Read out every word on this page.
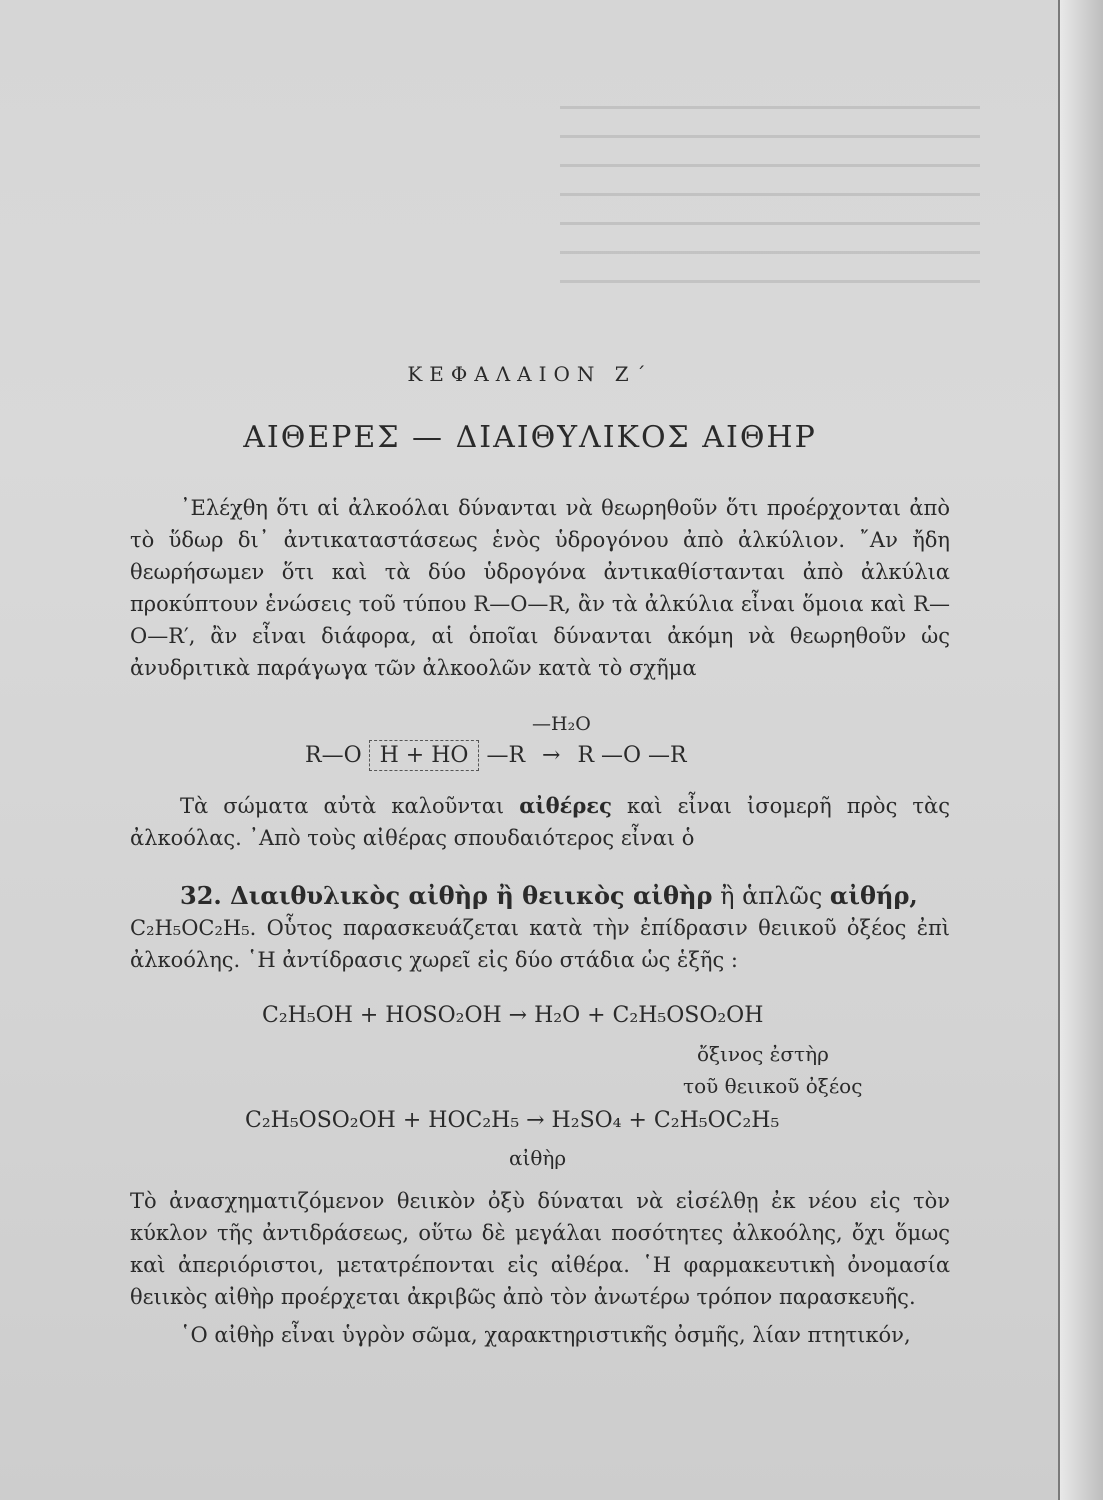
ΚΕΦΑΛΑΙΟΝ Ζ΄
ΑΙΘΕΡΕΣ — ΔΙΑΙΘΥΛΙΚΟΣ ΑΙΘΗΡ

᾿Ελέχθη ὅτι αἱ ἀλκοόλαι δύνανται νὰ θεωρηθοῦν ὅτι προέρχονται ἀπὸ τὸ ὕδωρ δι᾿ ἀντικαταστάσεως ἑνὸς ὑδρογόνου ἀπὸ ἀλκύλιον. ῎Αν ἤδη θεωρήσωμεν ὅτι καὶ τὰ δύο ὑδρογόνα ἀντικαθίστανται ἀπὸ ἀλκύλια προκύπτουν ἑνώσεις τοῦ τύπου R—O—R, ἂν τὰ ἀλκύλια εἶναι ὅμοια καὶ R—O—R′, ἂν εἶναι διάφορα, αἱ ὁποῖαι δύνανται ἀκόμη νὰ θεωρηθοῦν ὡς ἀνυδριτικὰ παράγωγα τῶν ἀλκοολῶν κατὰ τὸ σχῆμα

R—O H + HO —R
—H₂O
→ R —O —R

Τὰ σώματα αὐτὰ καλοῦνται αἰθέρες καὶ εἶναι ἰσομερῆ πρὸς τὰς ἀλκοόλας. ᾿Απὸ τοὺς αἰθέρας σπουδαιότερος εἶναι ὁ

32. Διαιθυλικὸς αἰθὴρ ἢ θειικὸς αἰθὴρ ἢ ἁπλῶς αἰθήρ,

C₂H₅OC₂H₅. Οὗτος παρασκευάζεται κατὰ τὴν ἐπίδρασιν θειικοῦ ὀξέος ἐπὶ ἀλκοόλης. ῾Η ἀντίδρασις χωρεῖ εἰς δύο στάδια ὡς ἑξῆς :

C₂H₅OH + HOSO₂OH → H₂O + C₂H₅OSO₂OH
ὄξινος ἐστὴρ
τοῦ θειικοῦ ὀξέος
C₂H₅OSO₂OH + HOC₂H₅ → H₂SO₄ + C₂H₅OC₂H₅
αἰθὴρ

Τὸ ἀνασχηματιζόμενον θειικὸν ὀξὺ δύναται νὰ εἰσέλθῃ ἐκ νέου εἰς τὸν κύκλον τῆς ἀντιδράσεως, οὕτω δὲ μεγάλαι ποσότητες ἀλκοόλης, ὄχι ὅμως καὶ ἀπεριόριστοι, μετατρέπονται εἰς αἰθέρα. ῾Η φαρμακευτικὴ ὀνομασία θειικὸς αἰθὴρ προέρχεται ἀκριβῶς ἀπὸ τὸν ἀνωτέρω τρόπον παρασκευῆς.

῾Ο αἰθὴρ εἶναι ὑγρὸν σῶμα, χαρακτηριστικῆς ὀσμῆς, λίαν πτητικόν,
